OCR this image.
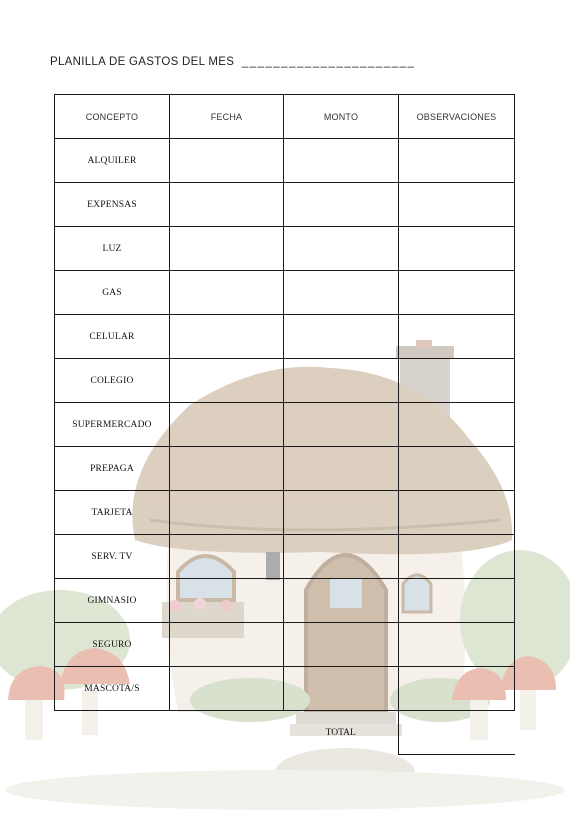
PLANILLA DE GASTOS DEL MES ______________________
CONCEPTO	FECHA	MONTO	OBSERVACIONES
ALQUILER			
EXPENSAS			
LUZ			
GAS			
CELULAR			
COLEGIO			
SUPERMERCADO			
PREPAGA			
TARJETA			
SERV. TV			
GIMNASIO			
SEGURO			
MASCOTA/S			
		TOTAL	
